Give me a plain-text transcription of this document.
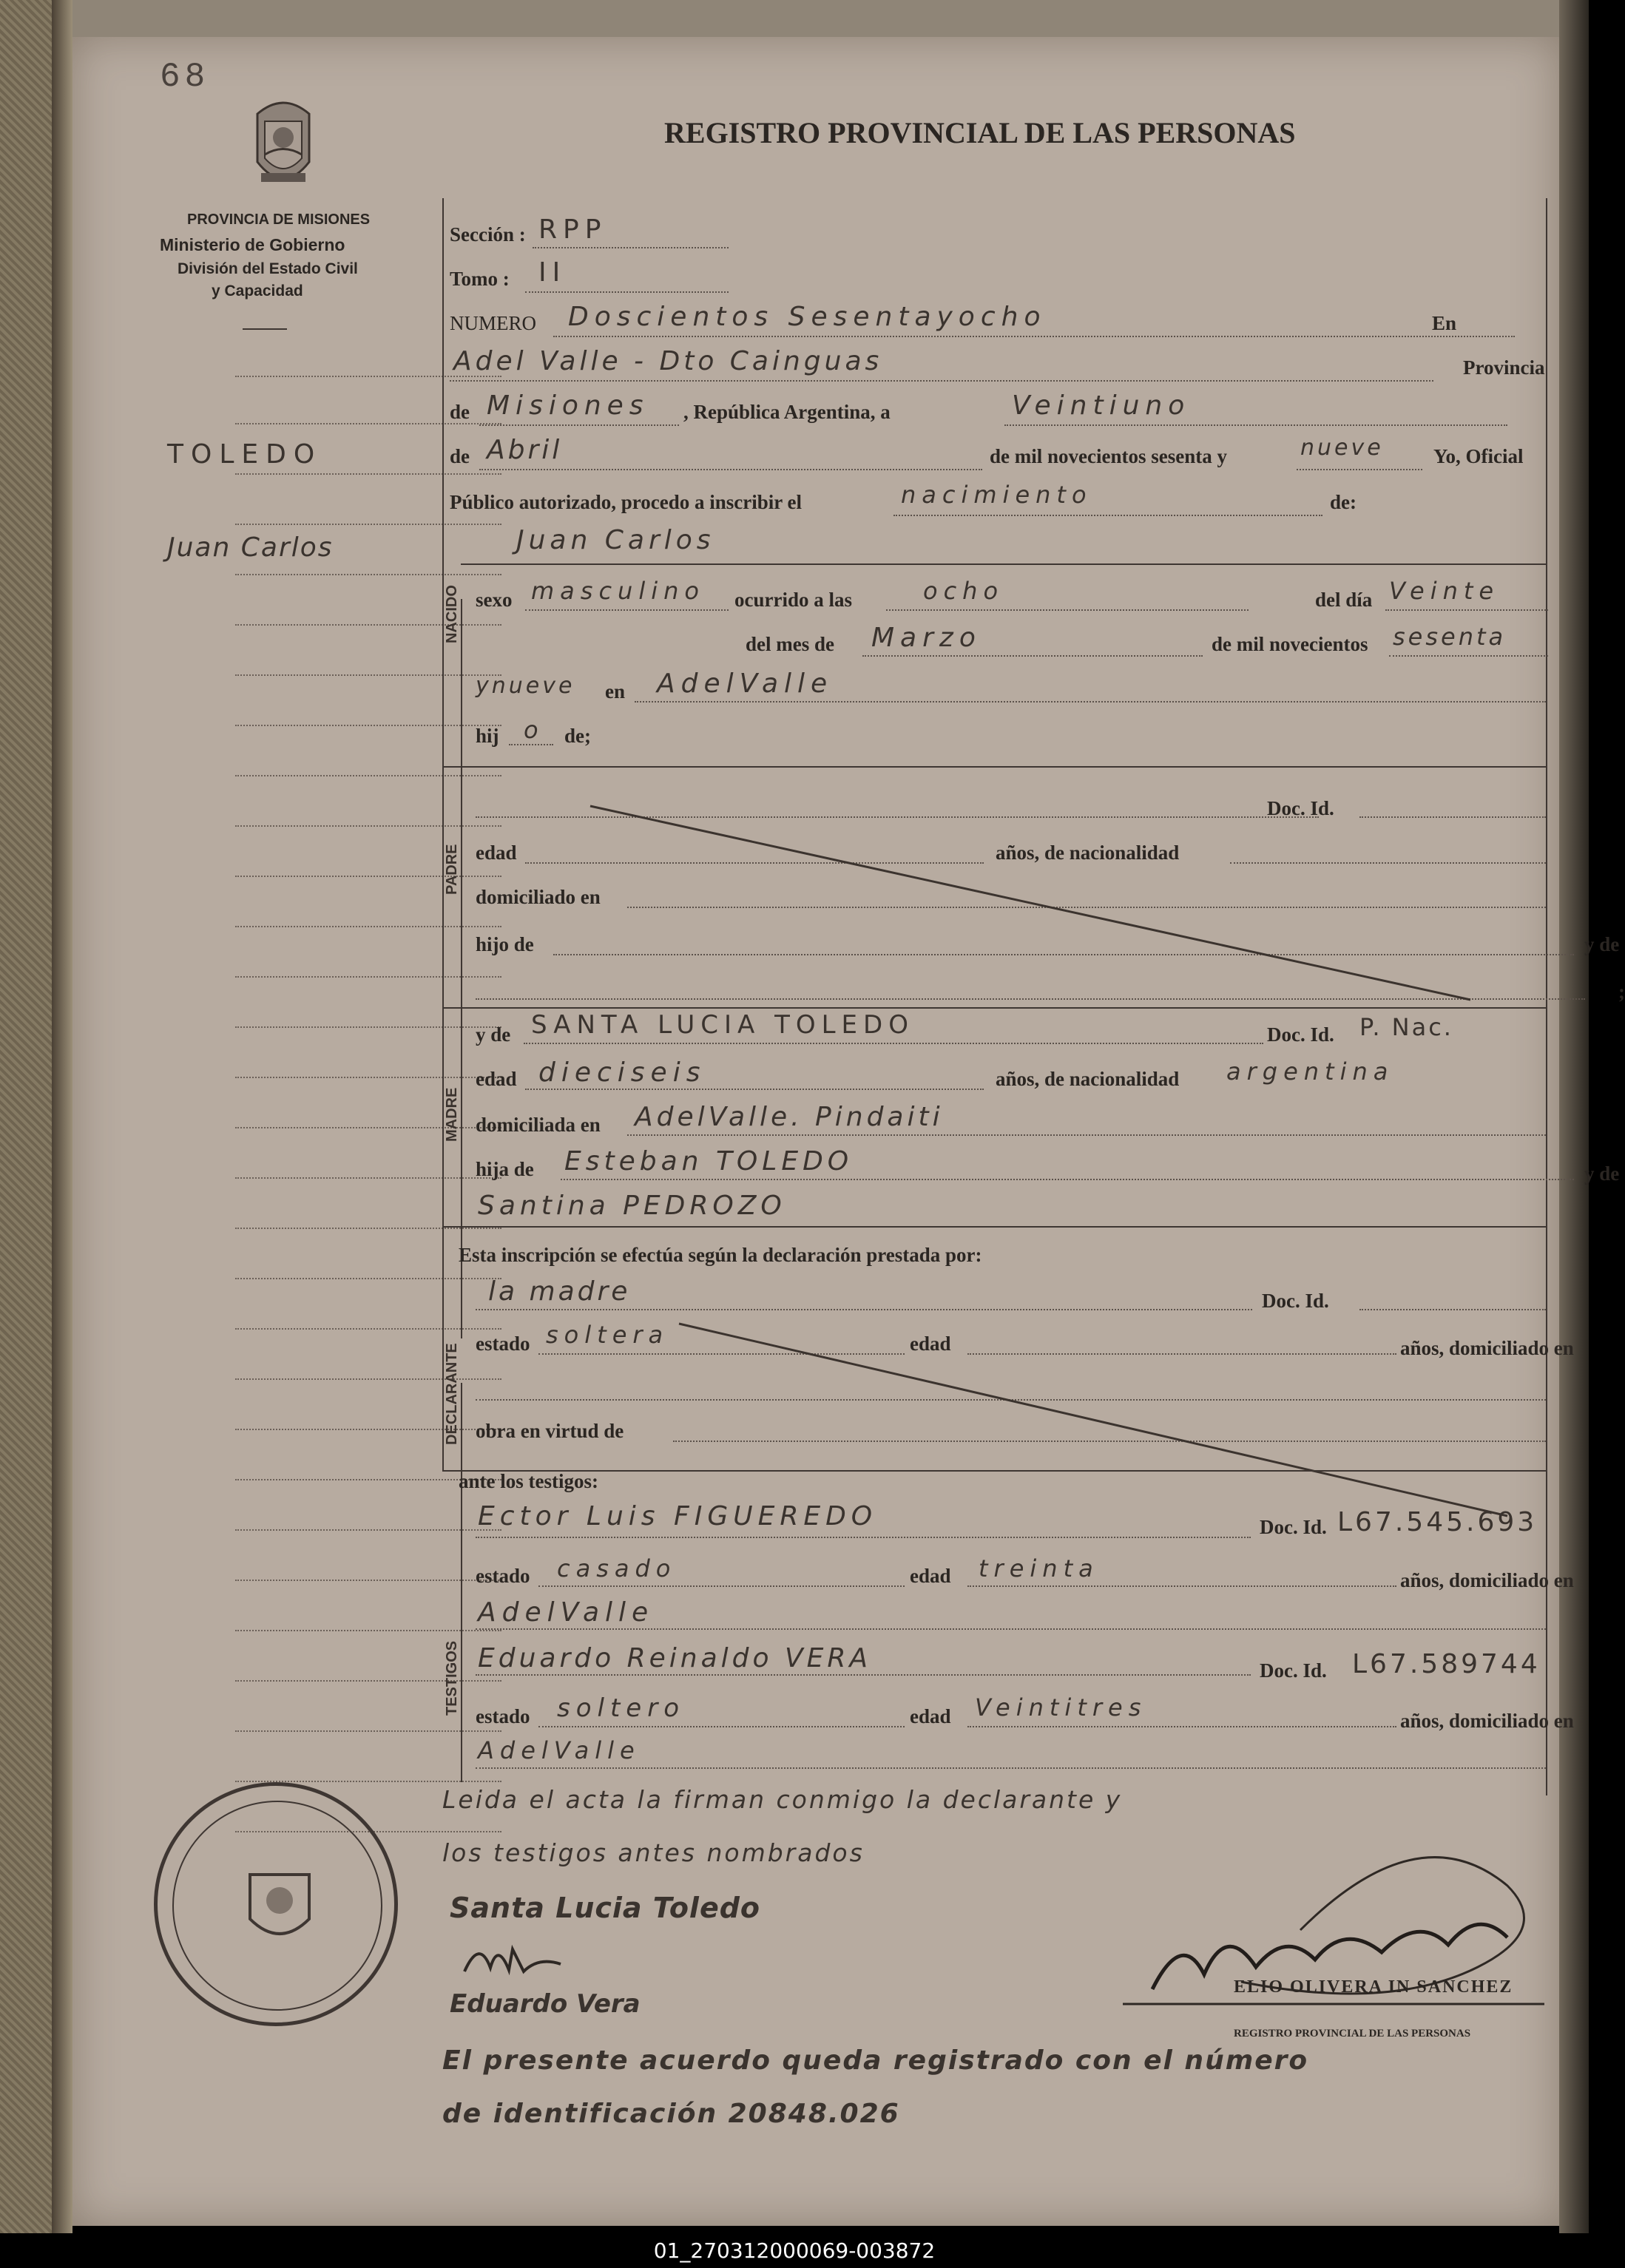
68
PROVINCIA DE MISIONES
Ministerio de Gobierno
División del Estado Civil
y Capacidad
REGISTRO PROVINCIAL DE LAS PERSONAS
TOLEDO
Juan Carlos
Sección : RPP
Tomo : II
NUMERO Doscientos Sesentayocho	En
Adel Valle - Dto Cainguas	Provincia
de Misiones , República Argentina, a	Veintiuno
de Abril	de mil novecientos sesenta y	nueve Yo, Oficial
Público autorizado, procedo a inscribir el	nacimiento	de:
Juan Carlos
NACIDO sexo masculino ocurrido a las	ocho	del día Veinte
del mes de Marzo	de mil novecientos sesenta
ynueve en AdelValle
hij o de;
PADRE
Doc. Id.
edad	años, de nacionalidad
domiciliado en
hijo de	y de
;
MADRE
y de SANTA LUCIA TOLEDO	Doc. Id. P. Nac.
edad dieciseis	años, de nacionalidad argentina
domiciliada en AdelValle. Pindaiti
hija de Esteban TOLEDO	y de
Santina PEDROZO
Esta inscripción se efectúa según la declaración prestada por:
DECLARANTE
la madre	Doc. Id.
estado soltera	edad	años, domiciliado en
obra en virtud de
ante los testigos:
TESTIGOS
Ector Luis FIGUEREDO	Doc. Id. L67.545.693
estado casado	edad treinta	años, domiciliado en
AdelValle
Eduardo Reinaldo VERA	Doc. Id. L67.589744
estado soltero	edad Veintitres	años, domiciliado en
AdelValle
Leida el acta la firman conmigo la declarante y
los testigos antes nombrados
Santa Lucia Toledo
Eduardo Vera
El presente acuerdo queda registrado con el número
de identificación 20848.026
ELIO OLIVERA IN SANCHEZ
REGISTRO PROVINCIAL DE LAS PERSONAS
01_270312000069-003872
